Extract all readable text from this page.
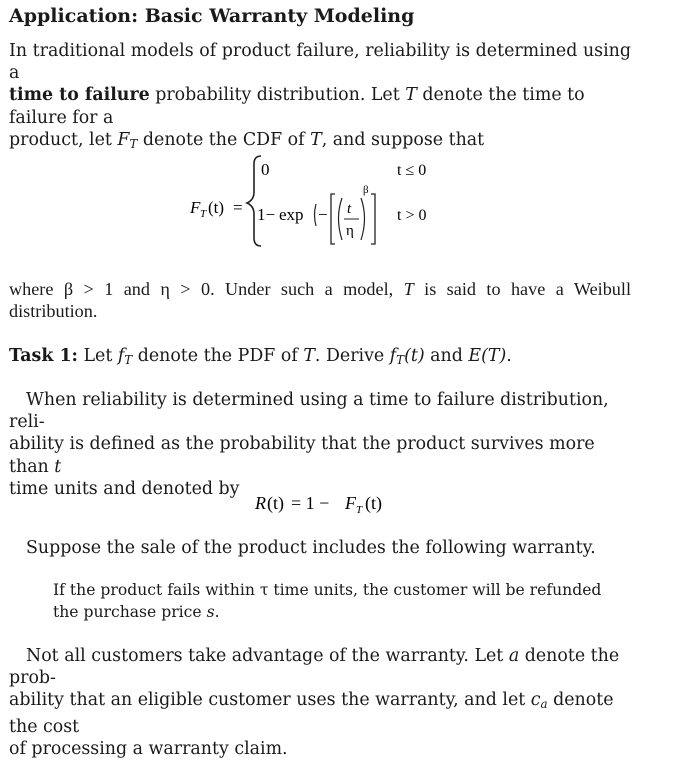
Application: Basic Warranty Modeling
In traditional models of product failure, reliability is determined using a
time to failure probability distribution. Let T denote the time to failure for a
product, let $F_T$ denote the CDF of T, and suppose that
F T (t) =
0	t ≤ 0
1− exp − t
η
β
t > 0
where β > 1 and η > 0. Under such a model, T is said to have a Weibull
distribution.
Task 1: Let $f_T$ denote the PDF of T. Derive $f_T(t)$ and E(T).
When reliability is determined using a time to failure distribution, reli-
ability is defined as the probability that the product survives more than t
time units and denoted by
R (t) = 1 − F T (t)
Suppose the sale of the product includes the following warranty.
If the product fails within τ time units, the customer will be refunded
the purchase price s.
Not all customers take advantage of the warranty. Let a denote the prob-
ability that an eligible customer uses the warranty, and let $c_a$ denote the cost
of processing a warranty claim.
